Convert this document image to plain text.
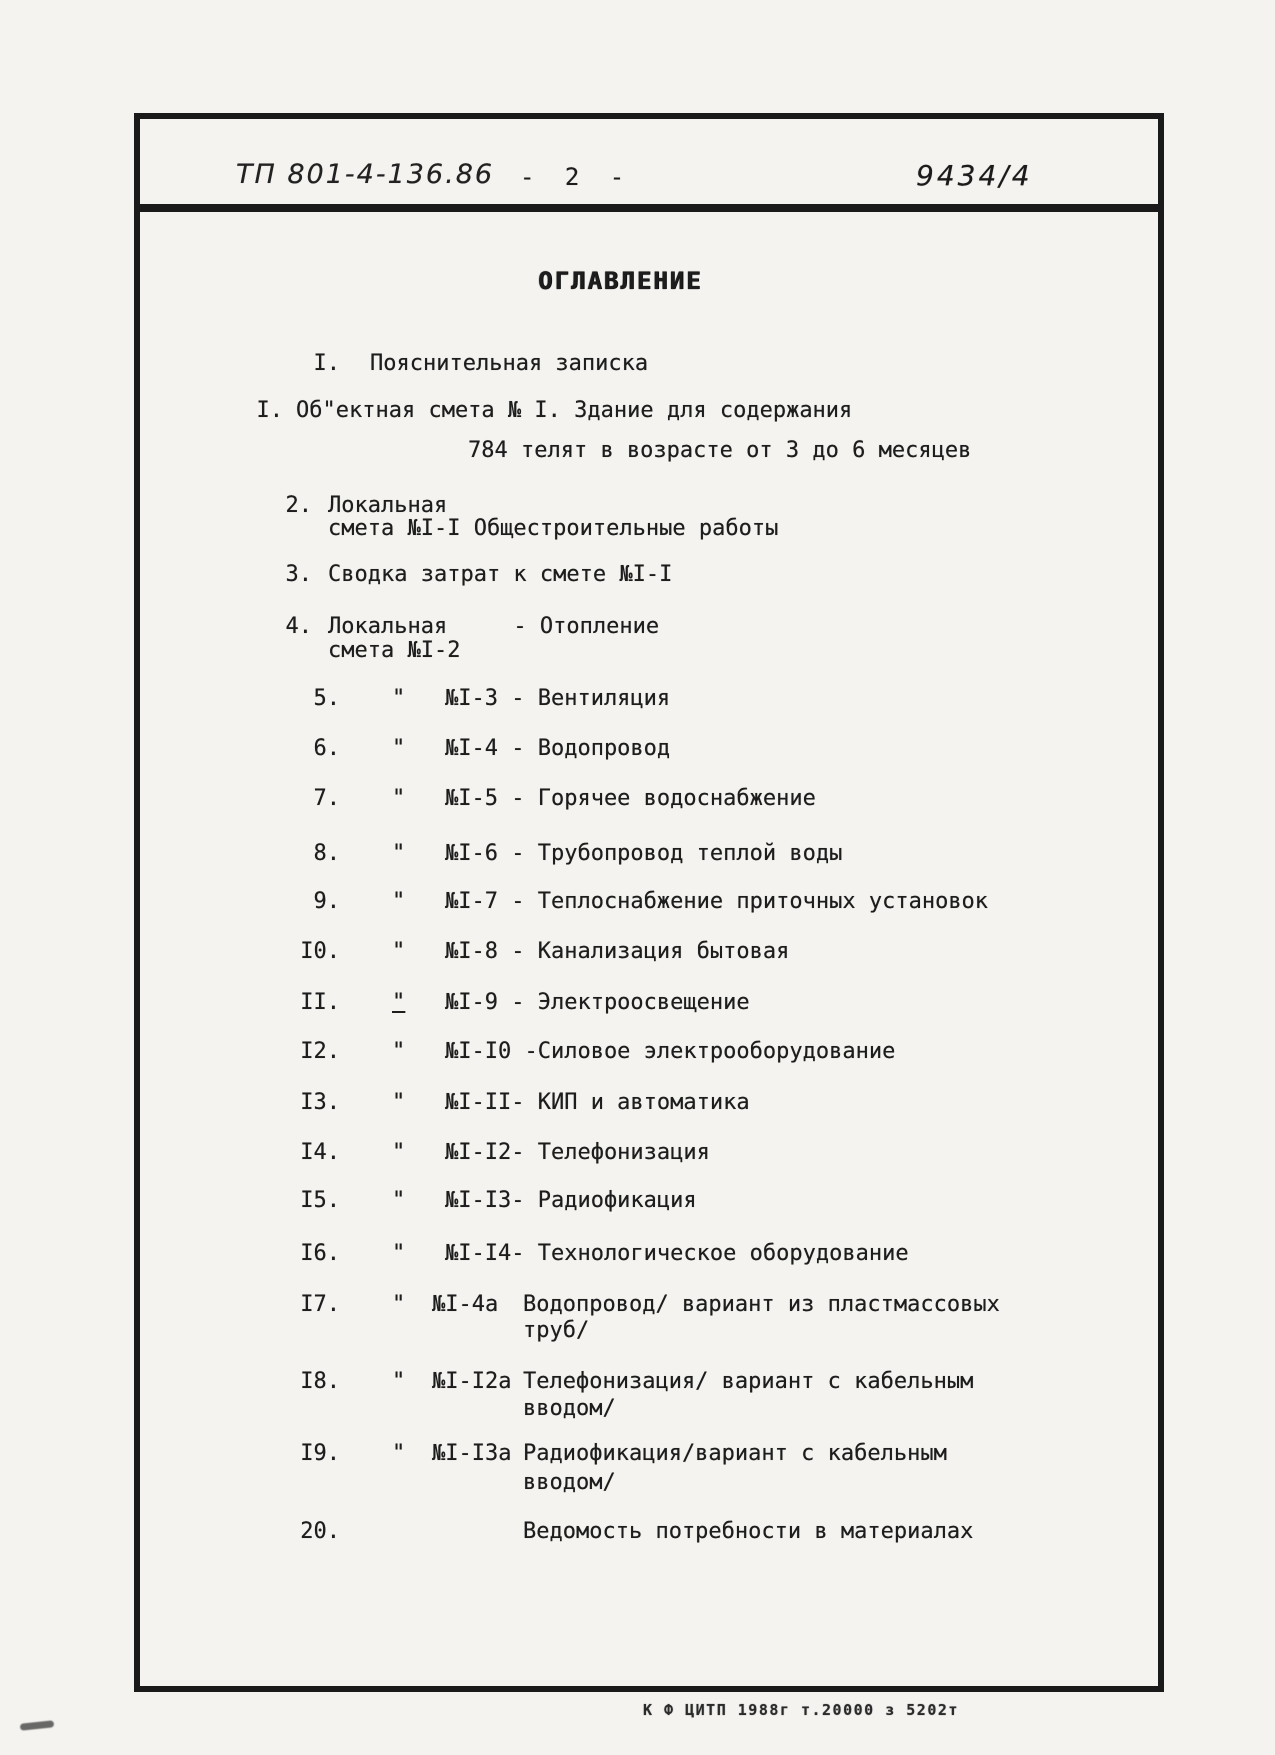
ТП 801-4-136.86 - 2 -	9434/4
ОГЛАВЛЕНИЕ
I. Пояснительная записка
I. Об"ектная смета № I. Здание для содержания
784 телят в возрасте от 3 до 6 месяцев
2. Локальная
смета №I-I Общестроительные работы
3. Сводка затрат к смете №I-I
4. Локальная     - Отопление
смета №I-2
5. " №I-3 - Вентиляция
6. " №I-4 - Водопровод
7. " №I-5 - Горячее водоснабжение
8. " №I-6 - Трубопровод теплой воды
9. " №I-7 - Теплоснабжение приточных установок
I0. " №I-8 - Канализация бытовая
II. " №I-9 - Электроосвещение
I2. " №I-I0 -Силовое электрооборудование
I3. " №I-II- КИП и автоматика
I4. " №I-I2- Телефонизация
I5. " №I-I3- Радиофикация
I6. " №I-I4- Технологическое оборудование
I7. " №I-4а Водопровод/ вариант из пластмассовых
труб/
I8. " №I-I2а Телефонизация/ вариант с кабельным
вводом/
I9. " №I-I3а Радиофикация/вариант с кабельным
вводом/
20.	Ведомость потребности в материалах
К Ф ЦИТП 1988г т.20000 з 5202т
